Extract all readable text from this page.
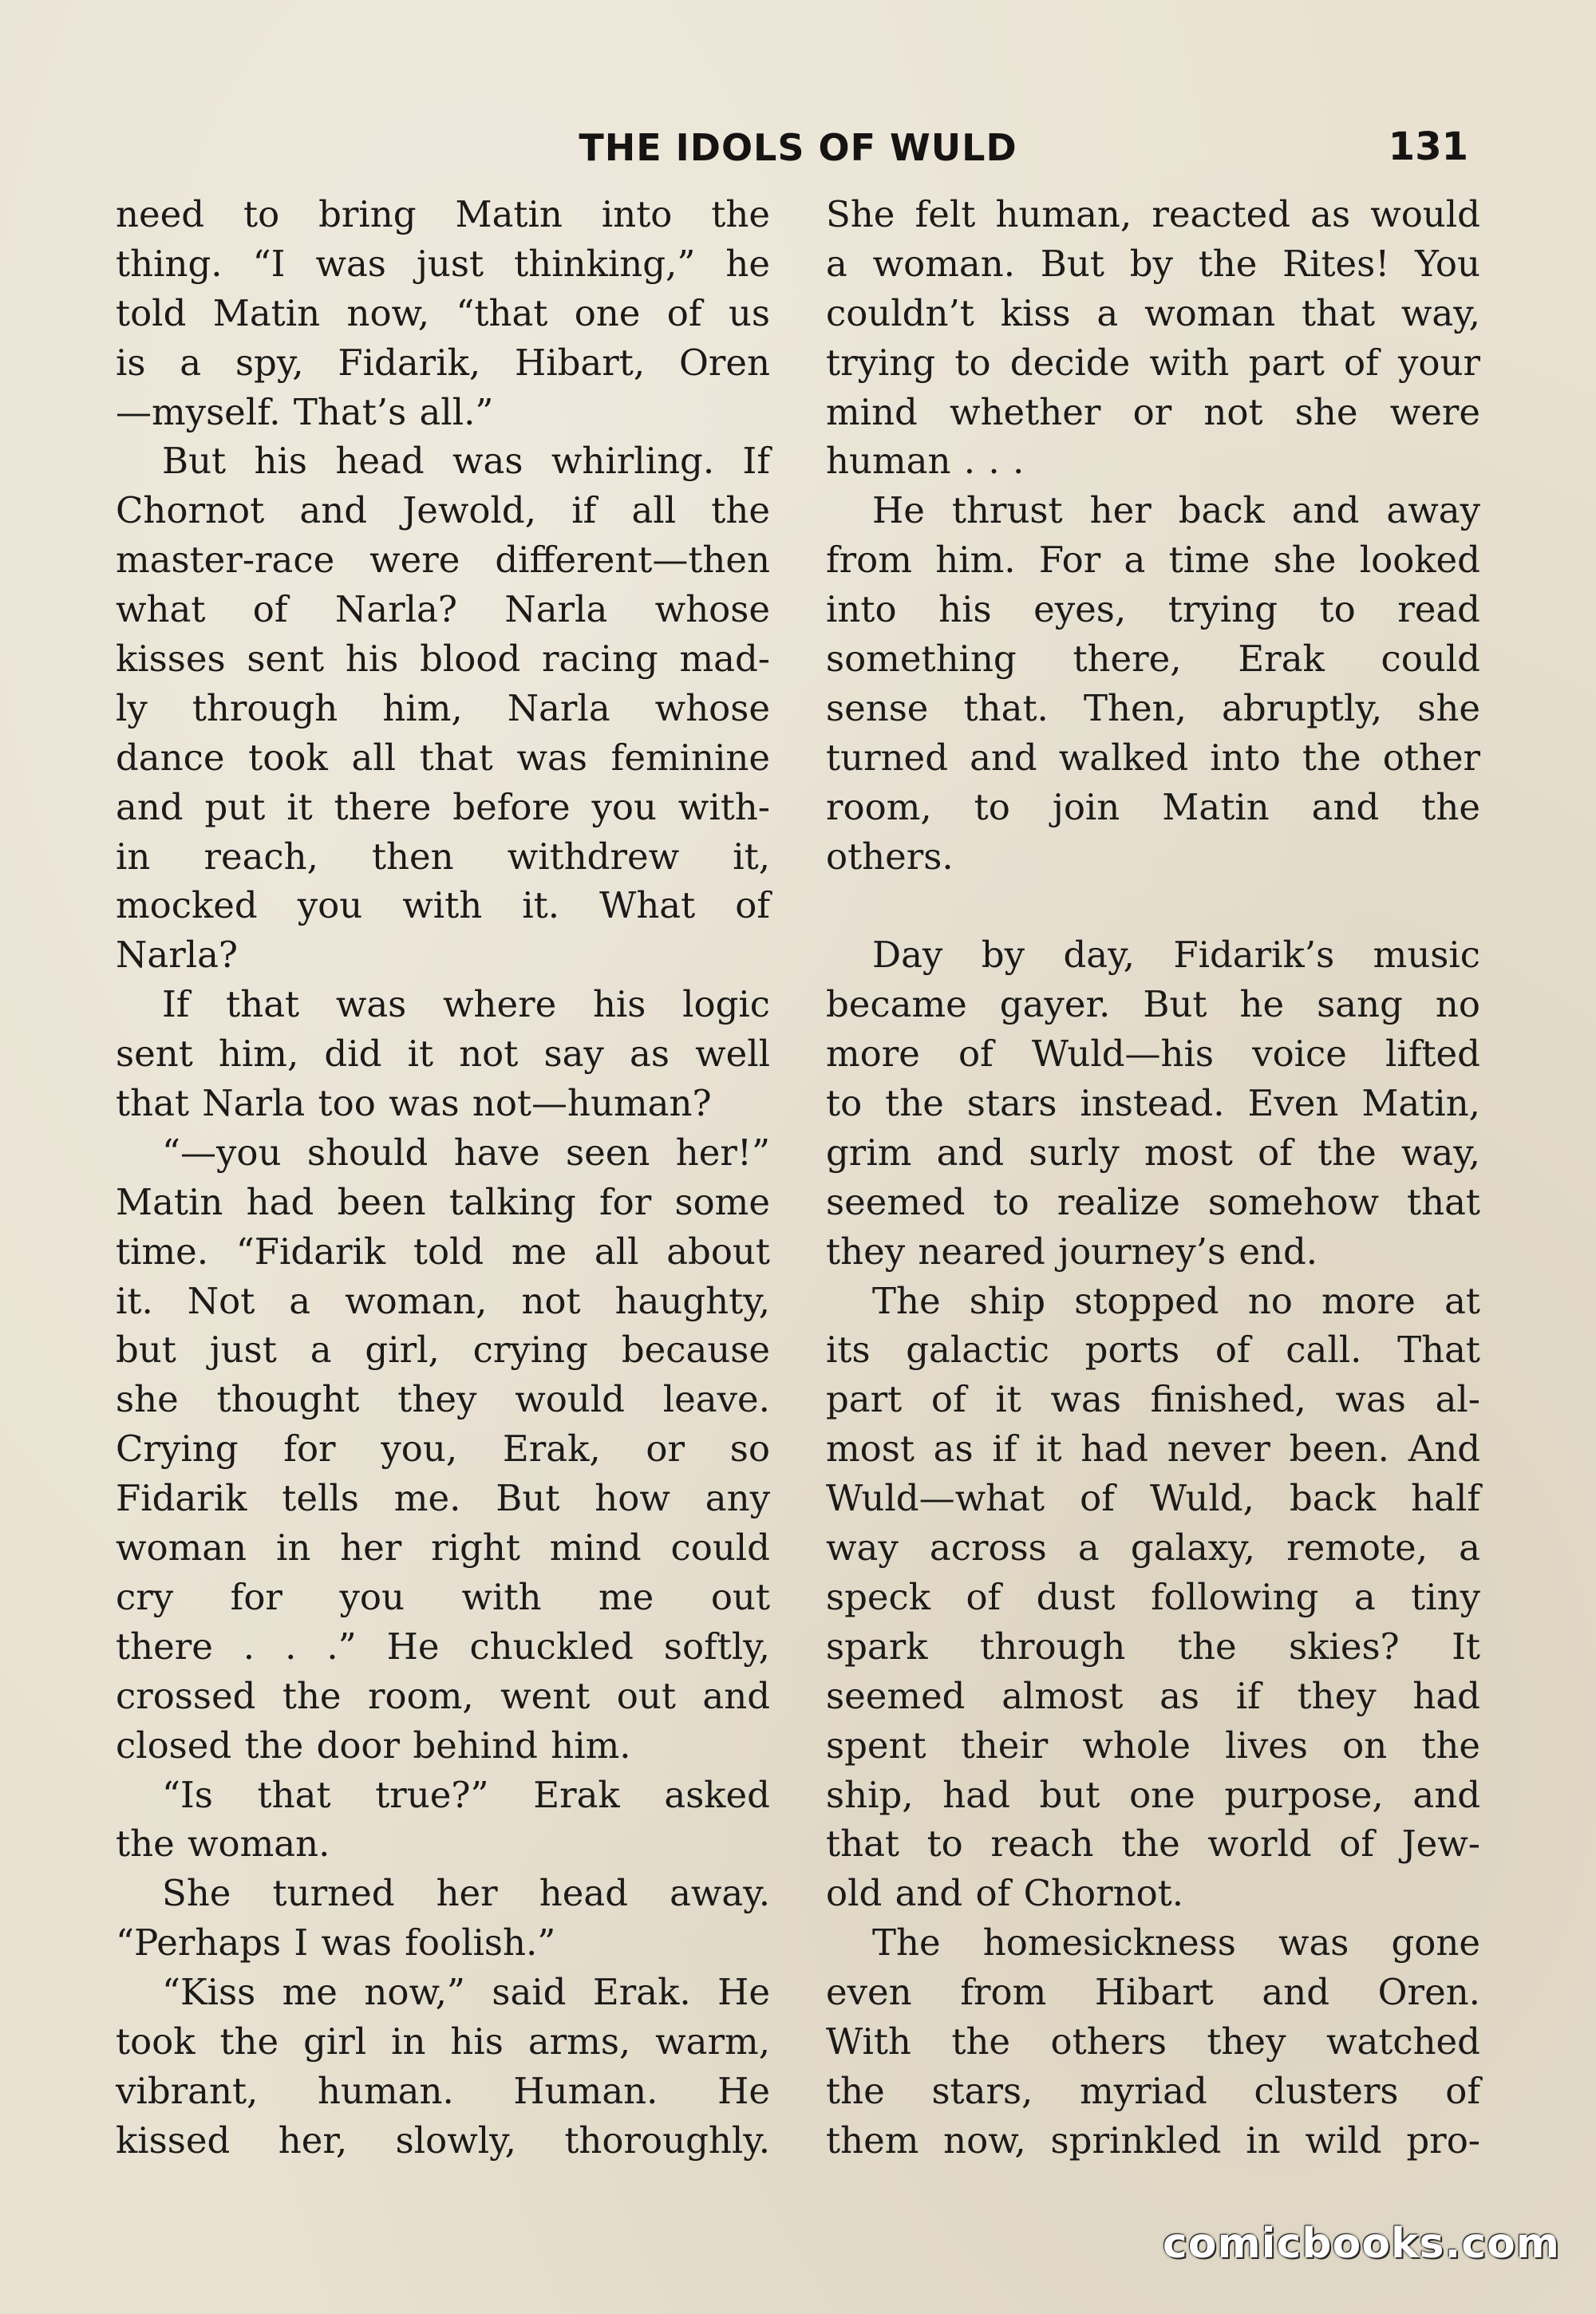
THE IDOLS OF WULD	131
need to bring Matin into the
thing. “I was just thinking,” he
told Matin now, “that one of us
is a spy, Fidarik, Hibart, Oren
—myself. That’s all.”
But his head was whirling. If
Chornot and Jewold, if all the
master-race were different—then
what of Narla? Narla whose
kisses sent his blood racing mad-
ly through him, Narla whose
dance took all that was feminine
and put it there before you with-
in reach, then withdrew it,
mocked you with it. What of
Narla?
If that was where his logic
sent him, did it not say as well
that Narla too was not—human?
“—you should have seen her!”
Matin had been talking for some
time. “Fidarik told me all about
it. Not a woman, not haughty,
but just a girl, crying because
she thought they would leave.
Crying for you, Erak, or so
Fidarik tells me. But how any
woman in her right mind could
cry for you with me out
there . . .” He chuckled softly,
crossed the room, went out and
closed the door behind him.
“Is that true?” Erak asked
the woman.
She turned her head away.
“Perhaps I was foolish.”
“Kiss me now,” said Erak. He
took the girl in his arms, warm,
vibrant, human. Human. He
kissed her, slowly, thoroughly.
She felt human, reacted as would
a woman. But by the Rites! You
couldn’t kiss a woman that way,
trying to decide with part of your
mind whether or not she were
human . . .
He thrust her back and away
from him. For a time she looked
into his eyes, trying to read
something there, Erak could
sense that. Then, abruptly, she
turned and walked into the other
room, to join Matin and the
others.
Day by day, Fidarik’s music
became gayer. But he sang no
more of Wuld—his voice lifted
to the stars instead. Even Matin,
grim and surly most of the way,
seemed to realize somehow that
they neared journey’s end.
The ship stopped no more at
its galactic ports of call. That
part of it was finished, was al-
most as if it had never been. And
Wuld—what of Wuld, back half
way across a galaxy, remote, a
speck of dust following a tiny
spark through the skies? It
seemed almost as if they had
spent their whole lives on the
ship, had but one purpose, and
that to reach the world of Jew-
old and of Chornot.
The homesickness was gone
even from Hibart and Oren.
With the others they watched
the stars, myriad clusters of
them now, sprinkled in wild pro-
comicbooks.com
